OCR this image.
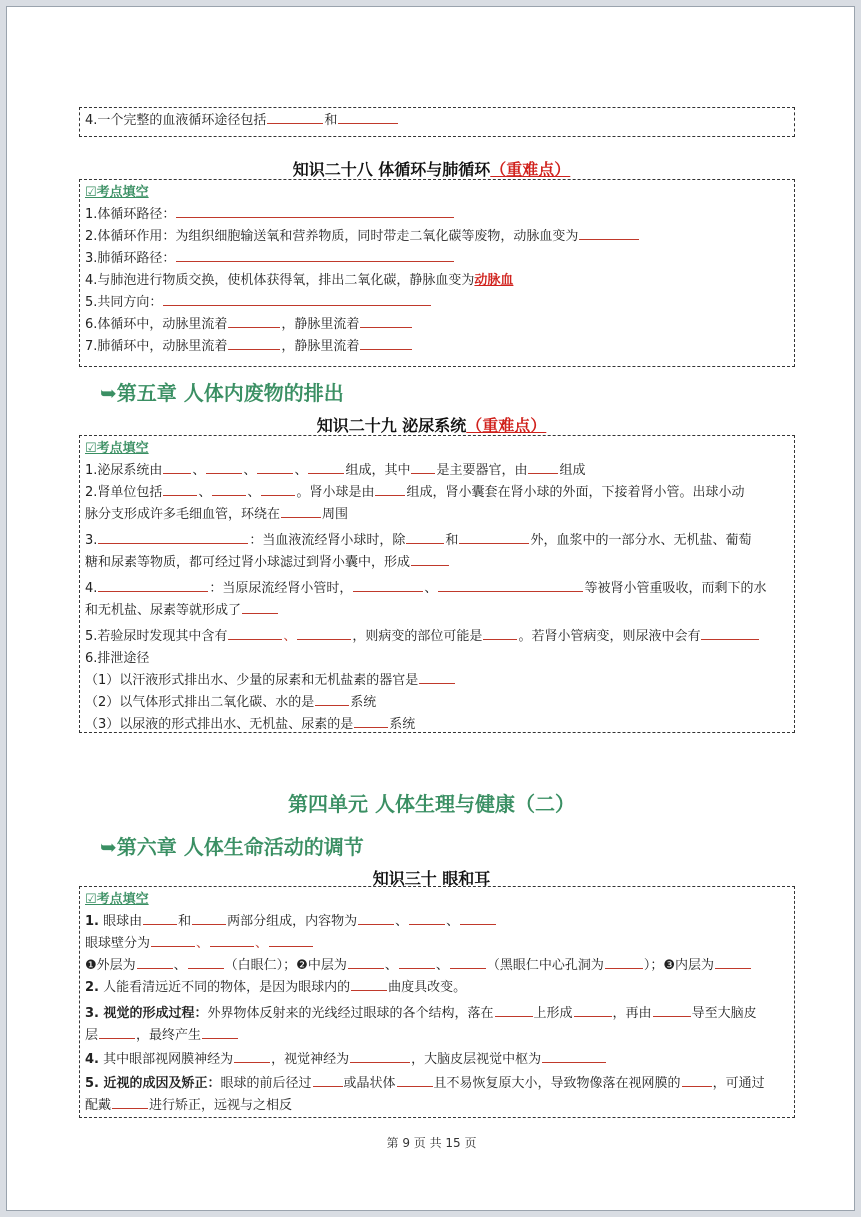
4.一个完整的血液循环途径包括	和
知识二十八 体循环与肺循环（重难点）
☑考点填空
1.体循环路径：
2.体循环作用：为组织细胞输送氧和营养物质，同时带走二氧化碳等废物，动脉血变为
3.肺循环路径：
4.与肺泡进行物质交换，使机体获得氧，排出二氧化碳，静脉血变为动脉血
5.共同方向：
6.体循环中，动脉里流着	，静脉里流着
7.肺循环中，动脉里流着	，静脉里流着
➥第五章 人体内废物的排出
知识二十九 泌尿系统（重难点）
☑考点填空
1.泌尿系统由 、	、	、	组成，其中 是主要器官，由 组成
2.肾单位包括	、	、	。肾小球是由 组成，肾小囊套在肾小球的外面，下接着肾小管。出球小动
脉分支形成许多毛细血管，环绕在	周围
3.	：当血液流经肾小球时，除	和	外，血浆中的一部分水、无机盐、葡萄
糖和尿素等物质，都可经过肾小球滤过到肾小囊中，形成
4.	：当原尿流经肾小管时，	、	等被肾小管重吸收，而剩下的水
和无机盐、尿素等就形成了
5.若验尿时发现其中含有	、	，则病变的部位可能是	。若肾小管病变，则尿液中会有
6.排泄途径
（1）以汗液形式排出水、少量的尿素和无机盐素的器官是
（2）以气体形式排出二氧化碳、水的是	系统
（3）以尿液的形式排出水、无机盐、尿素的是	系统
第四单元 人体生理与健康（二）
➥第六章 人体生命活动的调节
知识三十 眼和耳
☑考点填空
1. 眼球由	和	两部分组成，内容物为	、	、
眼球壁分为	、	、
❶外层为	、	（白眼仁）；❷中层为	、	、	（黑眼仁中心孔洞为	）；❸内层为
2. 人能看清远近不同的物体，是因为眼球内的	曲度具改变。
3. 视觉的形成过程：外界物体反射来的光线经过眼球的各个结构，落在	上形成	，再由	导至大脑皮
层	，最终产生
4. 其中眼部视网膜神经为	，视觉神经为	，大脑皮层视觉中枢为
5. 近视的成因及矫正：眼球的前后径过 或晶状体	且不易恢复原大小，导致物像落在视网膜的 ，可通过
配戴	进行矫正，远视与之相反
第 9 页 共 15 页
